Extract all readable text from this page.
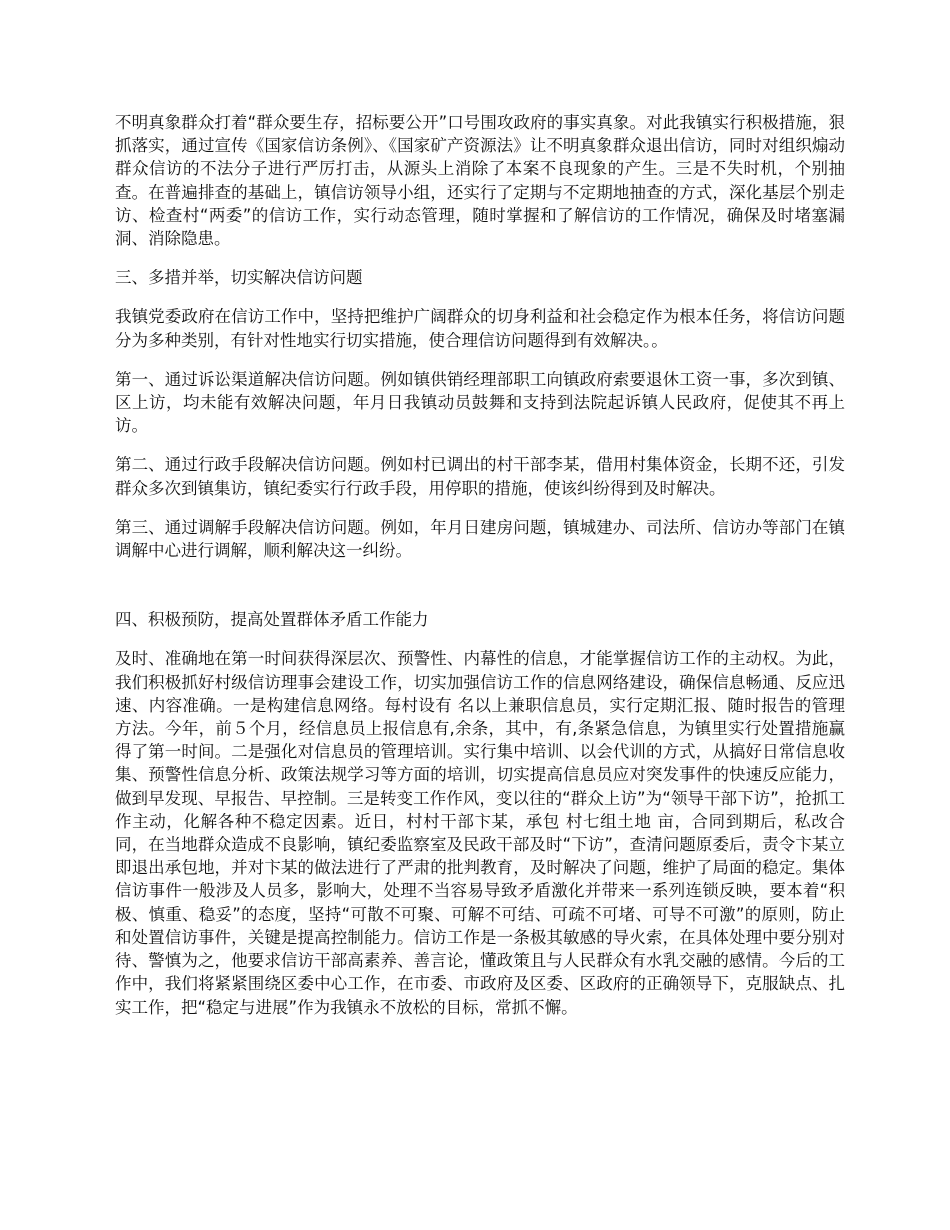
不明真象群众打着“群众要生存，招标要公开”口号围攻政府的事实真象。对此我镇实行积极措施，狠抓落实，通过宣传《国家信访条例》、《国家矿产资源法》让不明真象群众退出信访，同时对组织煽动群众信访的不法分子进行严厉打击，从源头上消除了本案不良现象的产生。三是不失时机，个别抽查。在普遍排查的基础上，镇信访领导小组，还实行了定期与不定期地抽查的方式，深化基层个别走访、检查村“两委”的信访工作，实行动态管理，随时掌握和了解信访的工作情况，确保及时堵塞漏洞、消除隐患。

三、多措并举，切实解决信访问题

我镇党委政府在信访工作中，坚持把维护广阔群众的切身利益和社会稳定作为根本任务，将信访问题分为多种类别，有针对性地实行切实措施，使合理信访问题得到有效解决。。

第一、通过诉讼渠道解决信访问题。例如镇供销经理部职工向镇政府索要退休工资一事，多次到镇、区上访，均未能有效解决问题，年月日我镇动员鼓舞和支持到法院起诉镇人民政府，促使其不再上访。

第二、通过行政手段解决信访问题。例如村已调出的村干部李某，借用村集体资金，长期不还，引发群众多次到镇集访，镇纪委实行行政手段，用停职的措施，使该纠纷得到及时解决。

第三、通过调解手段解决信访问题。例如，年月日建房问题，镇城建办、司法所、信访办等部门在镇调解中心进行调解，顺利解决这一纠纷。

四、积极预防，提高处置群体矛盾工作能力

及时、准确地在第一时间获得深层次、预警性、内幕性的信息，才能掌握信访工作的主动权。为此，我们积极抓好村级信访理事会建设工作，切实加强信访工作的信息网络建设，确保信息畅通、反应迅速、内容准确。一是构建信息网络。每村设有 名以上兼职信息员，实行定期汇报、随时报告的管理方法。今年，前５个月，经信息员上报信息有,余条，其中，有,条紧急信息，为镇里实行处置措施赢得了第一时间。二是强化对信息员的管理培训。实行集中培训、以会代训的方式，从搞好日常信息收集、预警性信息分析、政策法规学习等方面的培训，切实提高信息员应对突发事件的快速反应能力，做到早发现、早报告、早控制。三是转变工作作风，变以往的“群众上访”为“领导干部下访”，抢抓工作主动，化解各种不稳定因素。近日，村村干部卞某，承包 村七组土地 亩，合同到期后，私改合同，在当地群众造成不良影响，镇纪委监察室及民政干部及时“下访”，查清问题原委后，责令卞某立即退出承包地，并对卞某的做法进行了严肃的批判教育，及时解决了问题，维护了局面的稳定。集体信访事件一般涉及人员多，影响大，处理不当容易导致矛盾激化并带来一系列连锁反映，要本着“积极、慎重、稳妥”的态度，坚持“可散不可聚、可解不可结、可疏不可堵、可导不可激”的原则，防止和处置信访事件，关键是提高控制能力。信访工作是一条极其敏感的导火索，在具体处理中要分别对待、警慎为之，他要求信访干部高素养、善言论，懂政策且与人民群众有水乳交融的感情。今后的工作中，我们将紧紧围绕区委中心工作，在市委、市政府及区委、区政府的正确领导下，克服缺点、扎实工作，把“稳定与进展”作为我镇永不放松的目标，常抓不懈。
